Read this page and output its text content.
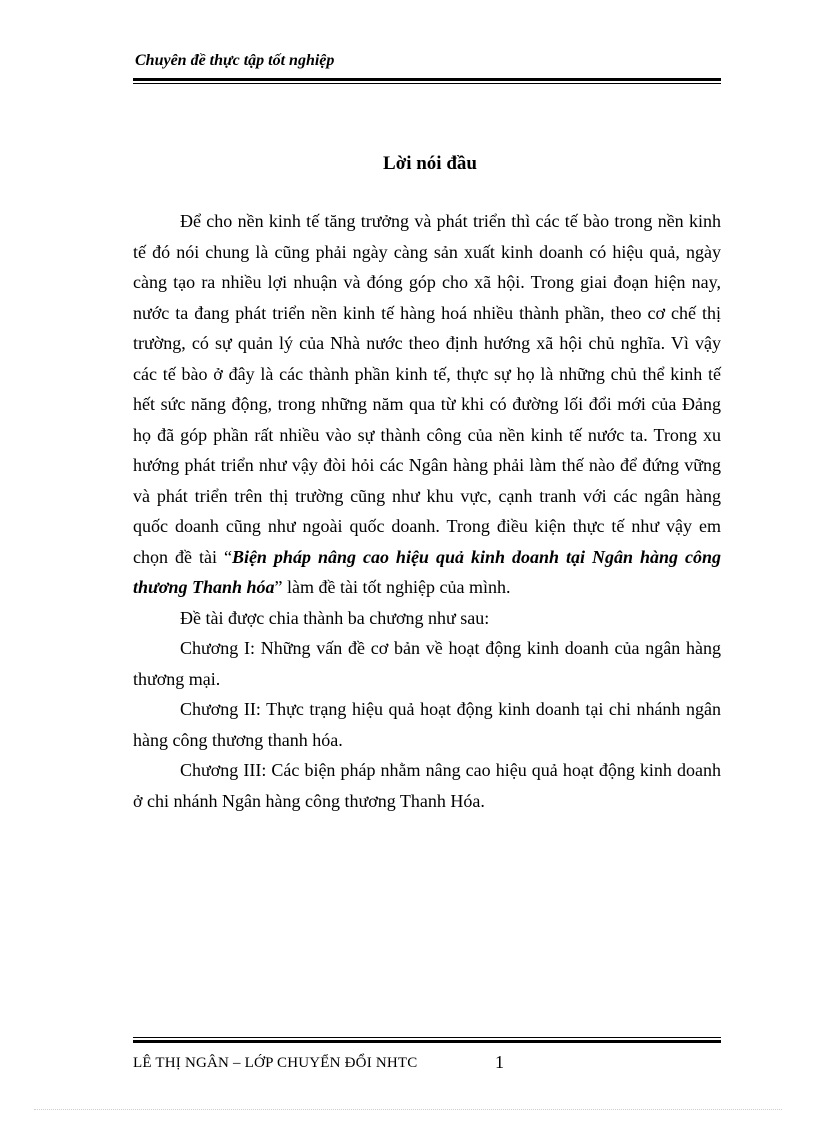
Chuyên đề thực tập tốt nghiệp
Lời nói đầu

Để cho nền kinh tế tăng trưởng và phát triển thì các tế bào trong nền kinh tế đó nói chung là cũng phải ngày càng sản xuất kinh doanh có hiệu quả, ngày càng tạo ra nhiều lợi nhuận và đóng góp cho xã hội. Trong giai đoạn hiện nay, nước ta đang phát triển nền kinh tế hàng hoá nhiều thành phần, theo cơ chế thị trường, có sự quản lý của Nhà nước theo định hướng xã hội chủ nghĩa. Vì vậy các tế bào ở đây là các thành phần kinh tế, thực sự họ là những chủ thể kinh tế hết sức năng động, trong những năm qua từ khi có đường lối đổi mới của Đảng họ đã góp phần rất nhiều vào sự thành công của nền kinh tế nước ta. Trong xu hướng phát triển như vậy đòi hỏi các Ngân hàng phải làm thế nào để đứng vững và phát triển trên thị trường cũng như khu vực, cạnh tranh với các ngân hàng quốc doanh cũng như ngoài quốc doanh. Trong điều kiện thực tế như vậy em chọn đề tài “Biện pháp nâng cao hiệu quả kinh doanh tại Ngân hàng công thương Thanh hóa” làm đề tài tốt nghiệp của mình.

Đề tài được chia thành ba chương như sau:

Chương I: Những vấn đề cơ bản về hoạt động kinh doanh của ngân hàng thương mại.

Chương II: Thực trạng hiệu quả hoạt động kinh doanh tại chi nhánh ngân hàng công thương thanh hóa.

Chương III: Các biện pháp nhằm nâng cao hiệu quả hoạt động kinh doanh ở chi nhánh Ngân hàng công thương Thanh Hóa.

LÊ THỊ NGÂN – LỚP CHUYỂN ĐỔI NHTC	1
